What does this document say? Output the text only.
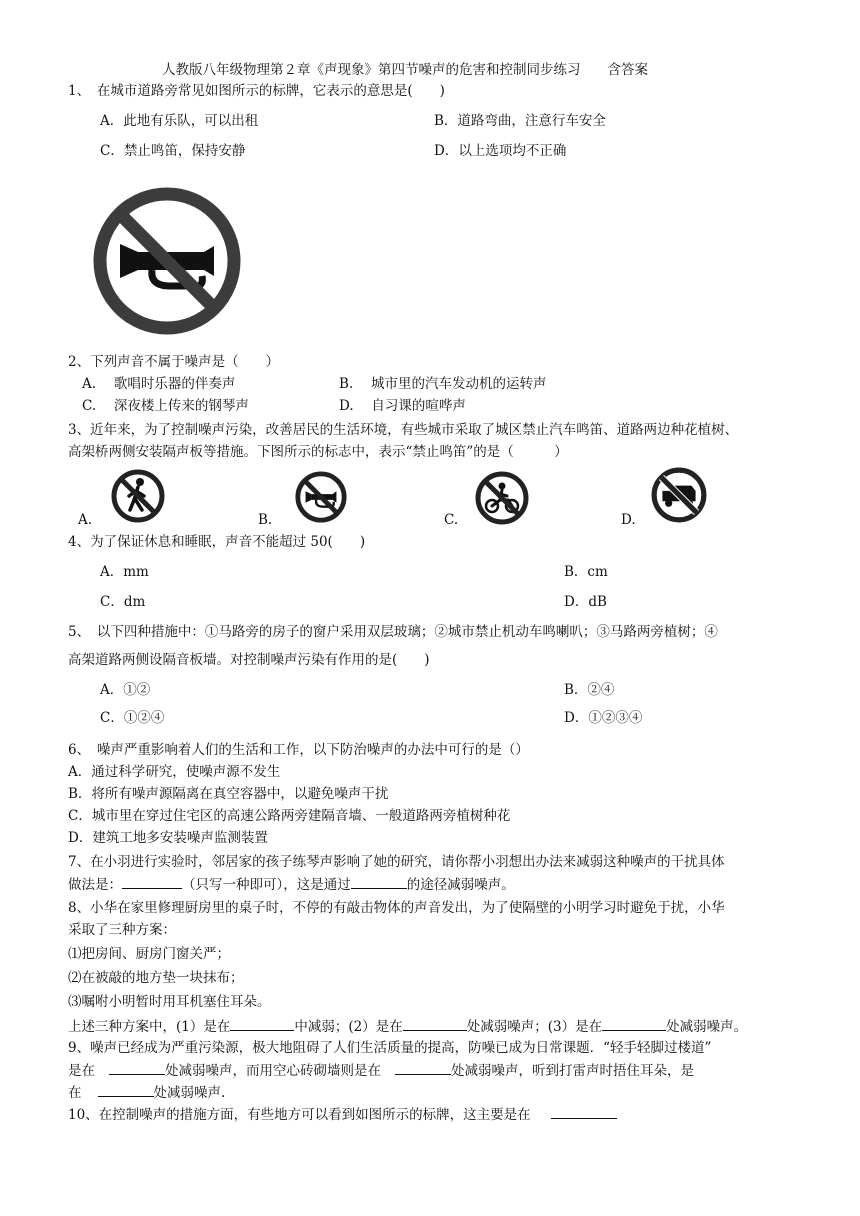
人教版八年级物理第２章《声现象》第四节噪声的危害和控制同步练习　　含答案
1、　在城市道路旁常见如图所示的标牌，它表示的意思是(　　)
A．此地有乐队，可以出租	B．道路弯曲，注意行车安全
C．禁止鸣笛，保持安静	D．以上选项均不正确
2、下列声音不属于噪声是（　　）
A.　 歌唱时乐器的伴奏声	B.　 城市里的汽车发动机的运转声
C.　 深夜楼上传来的钢琴声	D.　 自习课的喧哗声
3、近年来，为了控制噪声污染，改善居民的生活环境，有些城市采取了城区禁止汽车鸣笛、道路两边种花植树、
高架桥两侧安装隔声板等措施。下图所示的标志中，表示“禁止鸣笛”的是（　　　）
A.	B.	C.	D.
4、为了保证休息和睡眠，声音不能超过 50(　　)
A．mm	B．cm
C．dm	D．dB
5、　以下四种措施中：①马路旁的房子的窗户采用双层玻璃；②城市禁止机动车鸣喇叭；③马路两旁植树；④
高架道路两侧设隔音板墙。对控制噪声污染有作用的是(　　)
A．①②	B．②④
C．①②④	D．①②③④
6、　噪声严重影响着人们的生活和工作，以下防治噪声的办法中可行的是（）
A．通过科学研究，使噪声源不发生
B．将所有噪声源隔离在真空容器中，以避免噪声干扰
C．城市里在穿过住宅区的高速公路两旁建隔音墙、一般道路两旁植树种花
D．建筑工地多安装噪声监测装置
7、在小羽进行实验时，邻居家的孩子练琴声影响了她的研究，请你帮小羽想出办法来减弱这种噪声的干扰具体
做法是：	（只写一种即可），这是通过	的途径减弱噪声。
8、小华在家里修理厨房里的桌子时，不停的有敲击物体的声音发出，为了使隔壁的小明学习时避免于扰，小华
采取了三种方案：
⑴把房间、厨房门窗关严；
⑵在被敲的地方垫一块抹布；
⑶嘱咐小明暂时用耳机塞住耳朵。
上述三种方案中，(1）是在	中减弱；(2）是在	处减弱噪声；(3）是在	处减弱噪声。
9、噪声已经成为严重污染源，极大地阻碍了人们生活质量的提高，防噪已成为日常课题．“轻手轻脚过楼道”
是在	处减弱噪声，而用空心砖砌墙则是在	处减弱噪声，听到打雷声时捂住耳朵，是
在	处减弱噪声.
10、在控制噪声的措施方面，有些地方可以看到如图所示的标牌，这主要是在
